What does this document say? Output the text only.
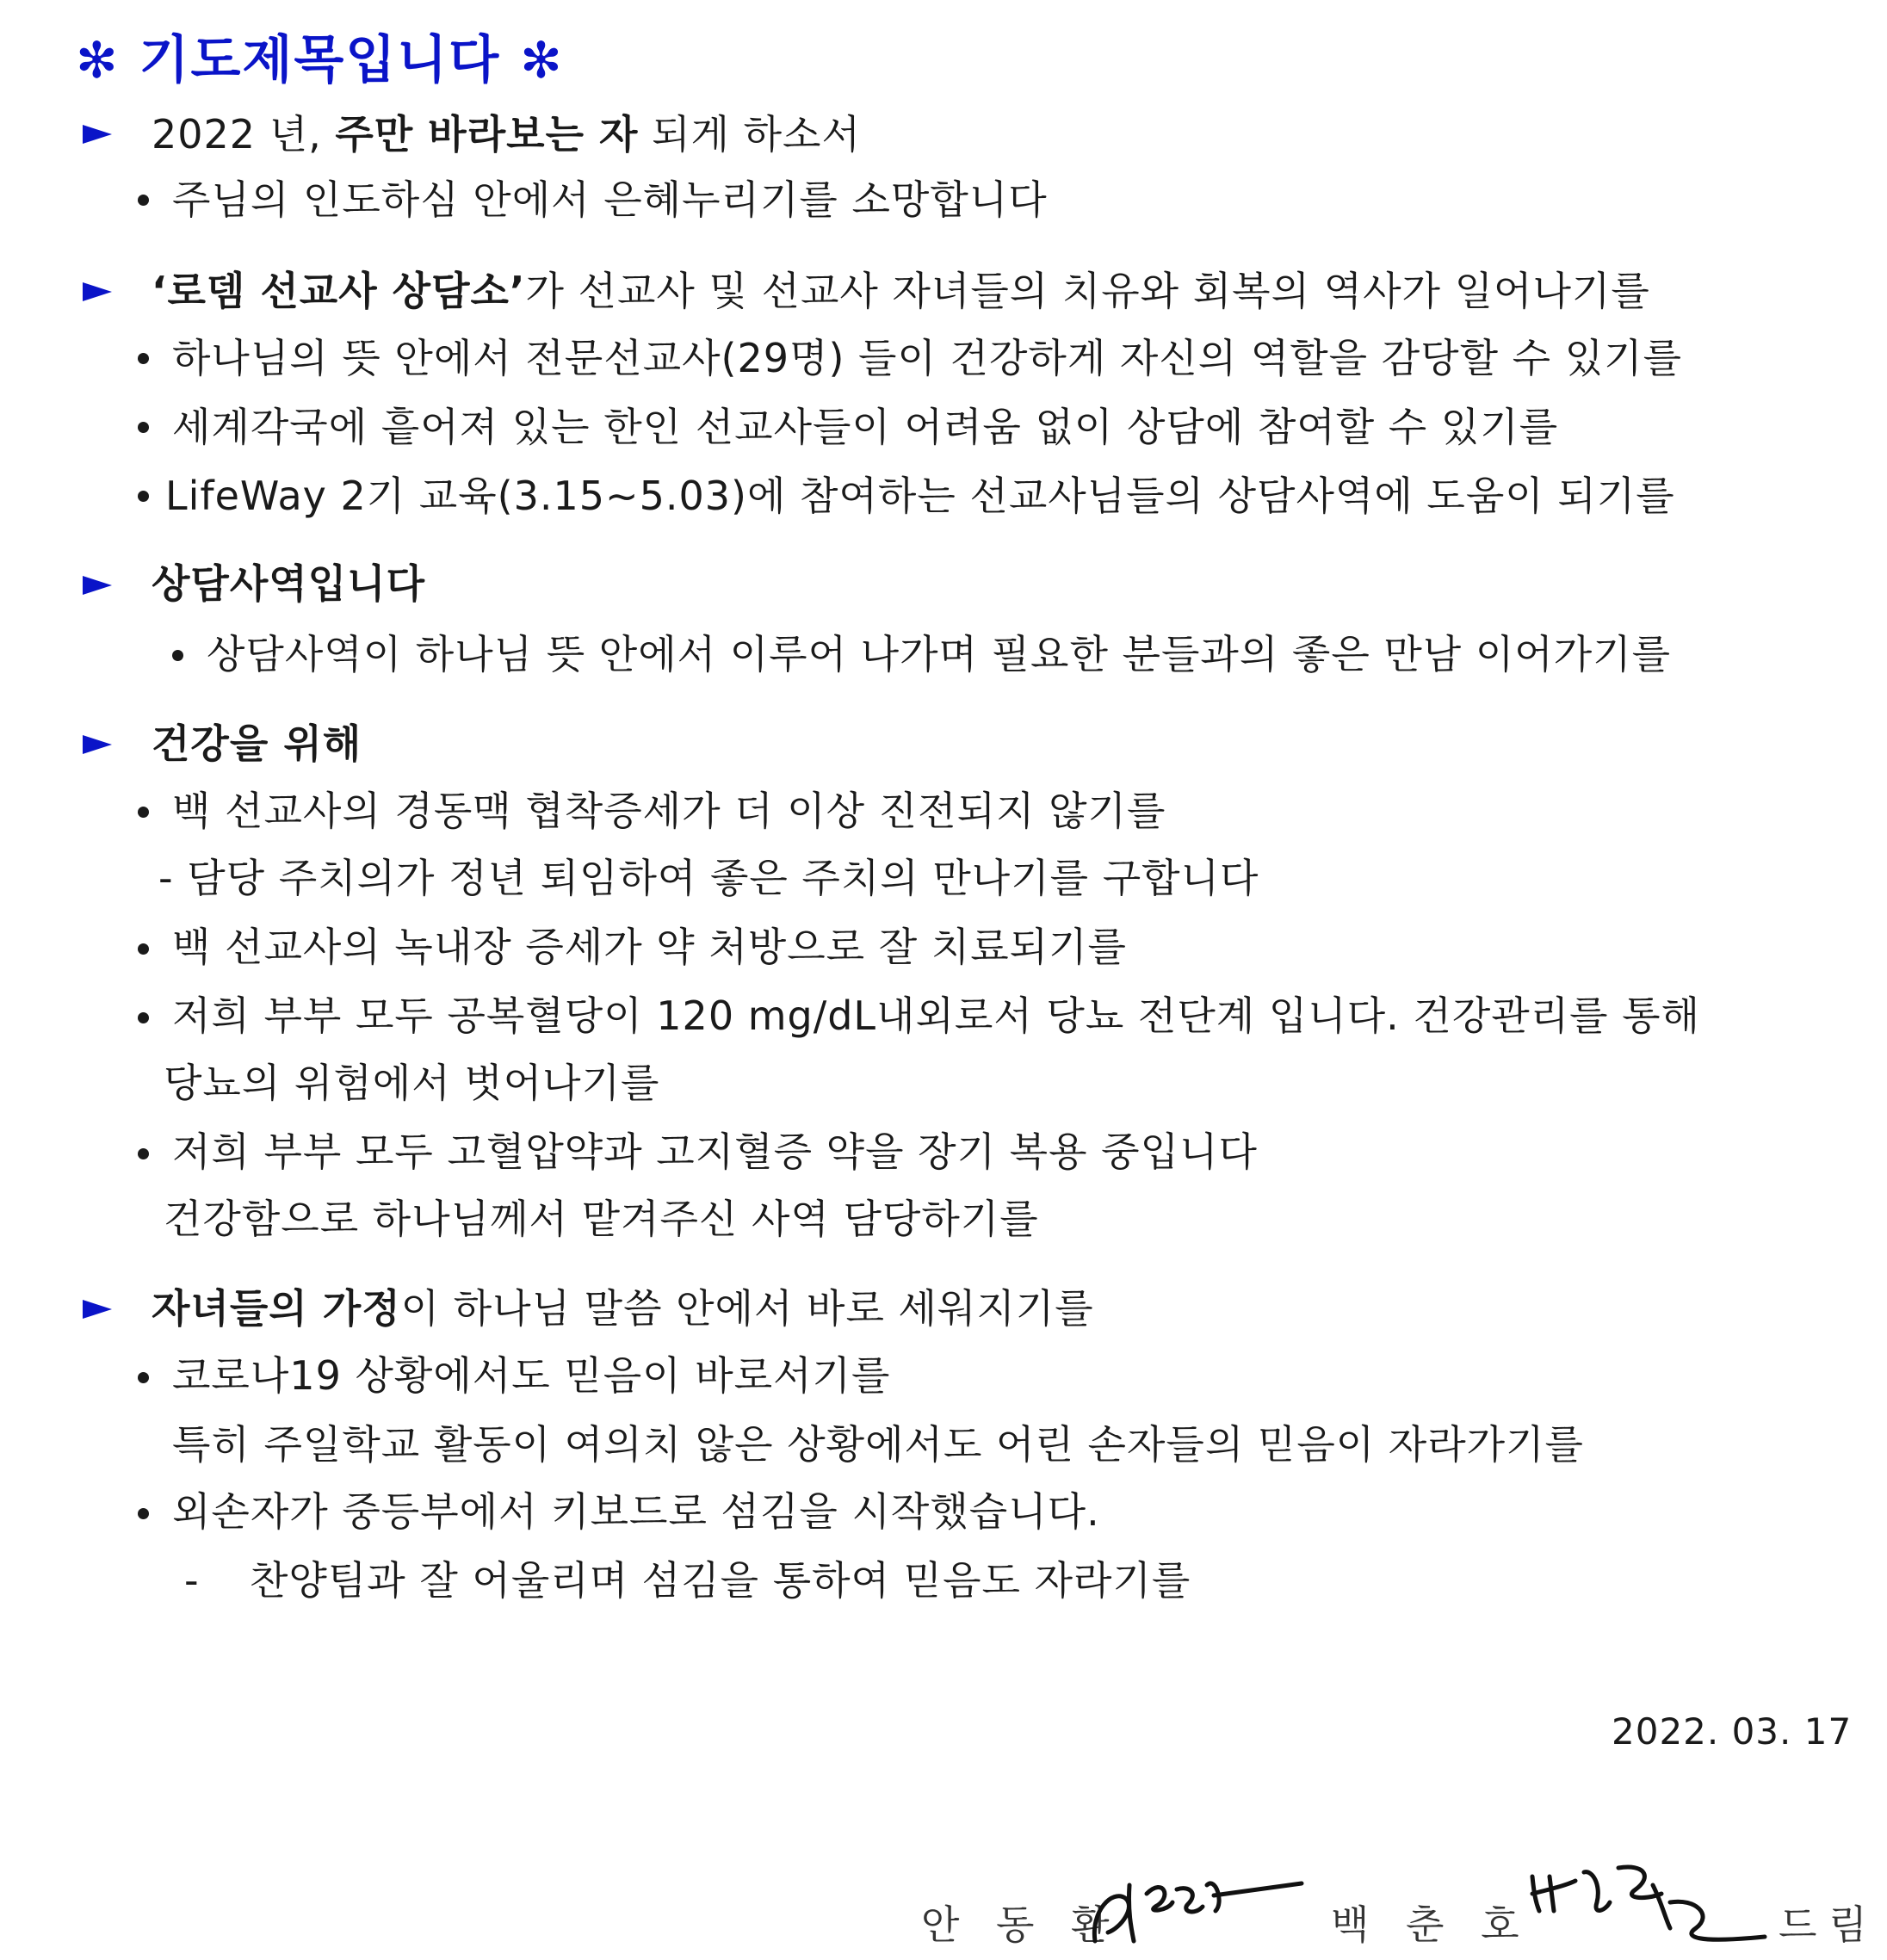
✻ 기도제목입니다 ✻
2022 년, 주만 바라보는 자 되게 하소서
주님의 인도하심 안에서 은혜누리기를 소망합니다
‘로뎀 선교사 상담소’가 선교사 및 선교사 자녀들의 치유와 회복의 역사가 일어나기를
하나님의 뜻 안에서 전문선교사(29명) 들이 건강하게 자신의 역할을 감당할 수 있기를
세계각국에 흩어져 있는 한인 선교사들이 어려움 없이 상담에 참여할 수 있기를
LifeWay 2기 교육(3.15~5.03)에 참여하는 선교사님들의 상담사역에 도움이 되기를
상담사역입니다
상담사역이 하나님 뜻 안에서 이루어 나가며 필요한 분들과의 좋은 만남 이어가기를
건강을 위해
백 선교사의 경동맥 협착증세가 더 이상 진전되지 않기를
- 담당 주치의가 정년 퇴임하여 좋은 주치의 만나기를 구합니다
백 선교사의 녹내장 증세가 약 처방으로 잘 치료되기를
저희 부부 모두 공복혈당이 120 mg/dL내외로서 당뇨 전단계 입니다. 건강관리를 통해
당뇨의 위험에서 벗어나기를
저희 부부 모두 고혈압약과 고지혈증 약을 장기 복용 중입니다
건강함으로 하나님께서 맡겨주신 사역 담당하기를
자녀들의 가정이 하나님 말씀 안에서 바로 세워지기를
코로나19 상황에서도 믿음이 바로서기를
특히 주일학교 활동이 여의치 않은 상황에서도 어린 손자들의 믿음이 자라가기를
외손자가 중등부에서 키보드로 섬김을 시작했습니다.
- 찬양팀과 잘 어울리며 섬김을 통하여 믿음도 자라기를
2022. 03. 17
안 동 환	백 춘 호	드림
